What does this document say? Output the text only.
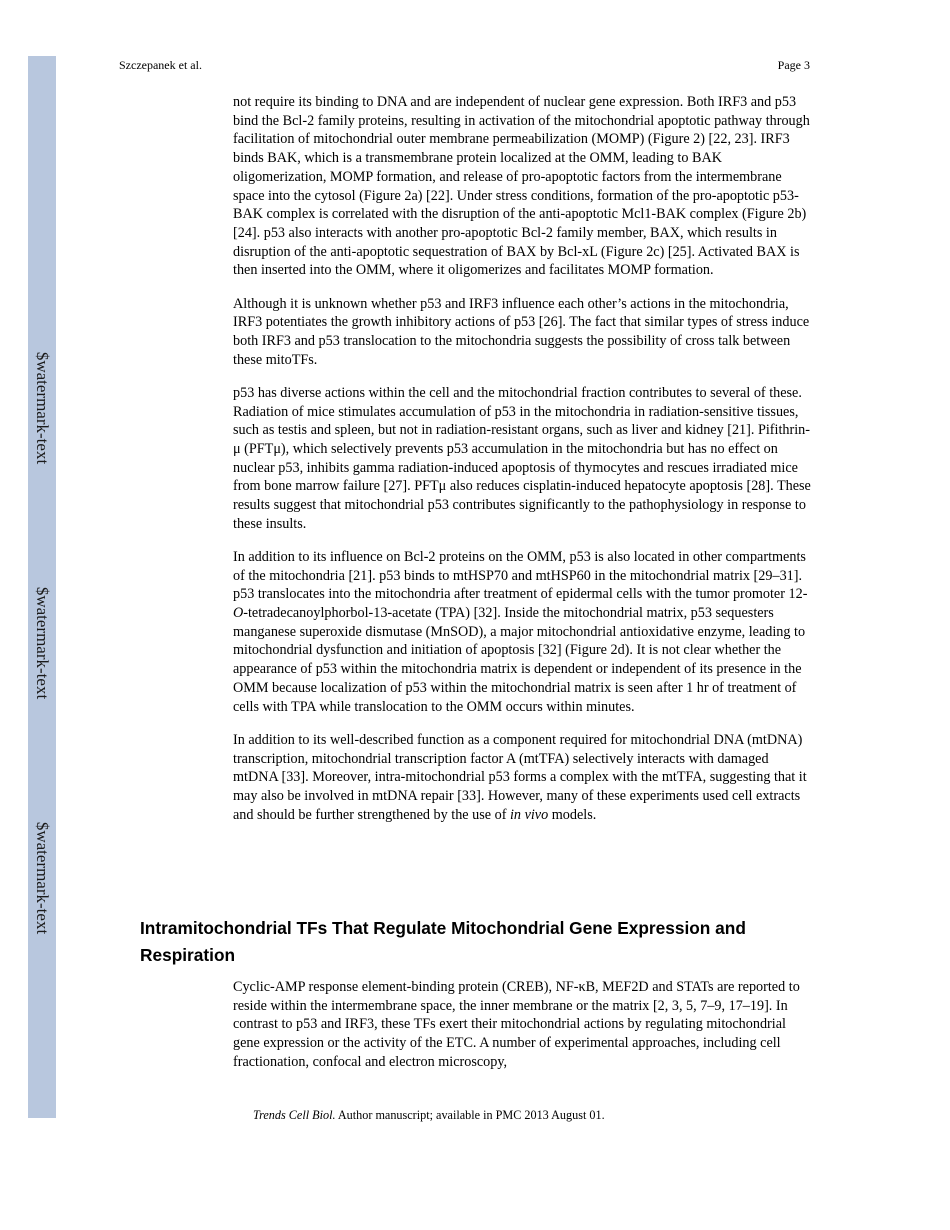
$watermark-text
$watermark-text
$watermark-text
Szczepanek et al.	Page 3

not require its binding to DNA and are independent of nuclear gene expression. Both IRF3 and p53 bind the Bcl-2 family proteins, resulting in activation of the mitochondrial apoptotic pathway through facilitation of mitochondrial outer membrane permeabilization (MOMP) (Figure 2) [22, 23]. IRF3 binds BAK, which is a transmembrane protein localized at the OMM, leading to BAK oligomerization, MOMP formation, and release of pro-apoptotic factors from the intermembrane space into the cytosol (Figure 2a) [22]. Under stress conditions, formation of the pro-apoptotic p53-BAK complex is correlated with the disruption of the anti-apoptotic Mcl1-BAK complex (Figure 2b) [24]. p53 also interacts with another pro-apoptotic Bcl-2 family member, BAX, which results in disruption of the anti-apoptotic sequestration of BAX by Bcl-xL (Figure 2c) [25]. Activated BAX is then inserted into the OMM, where it oligomerizes and facilitates MOMP formation.

Although it is unknown whether p53 and IRF3 influence each other’s actions in the mitochondria, IRF3 potentiates the growth inhibitory actions of p53 [26]. The fact that similar types of stress induce both IRF3 and p53 translocation to the mitochondria suggests the possibility of cross talk between these mitoTFs.

p53 has diverse actions within the cell and the mitochondrial fraction contributes to several of these. Radiation of mice stimulates accumulation of p53 in the mitochondria in radiation-sensitive tissues, such as testis and spleen, but not in radiation-resistant organs, such as liver and kidney [21]. Pifithrin-μ (PFTμ), which selectively prevents p53 accumulation in the mitochondria but has no effect on nuclear p53, inhibits gamma radiation-induced apoptosis of thymocytes and rescues irradiated mice from bone marrow failure [27]. PFTμ also reduces cisplatin-induced hepatocyte apoptosis [28]. These results suggest that mitochondrial p53 contributes significantly to the pathophysiology in response to these insults.

In addition to its influence on Bcl-2 proteins on the OMM, p53 is also located in other compartments of the mitochondria [21]. p53 binds to mtHSP70 and mtHSP60 in the mitochondrial matrix [29–31]. p53 translocates into the mitochondria after treatment of epidermal cells with the tumor promoter 12-O-tetradecanoylphorbol-13-acetate (TPA) [32]. Inside the mitochondrial matrix, p53 sequesters manganese superoxide dismutase (MnSOD), a major mitochondrial antioxidative enzyme, leading to mitochondrial dysfunction and initiation of apoptosis [32] (Figure 2d). It is not clear whether the appearance of p53 within the mitochondria matrix is dependent or independent of its presence in the OMM because localization of p53 within the mitochondrial matrix is seen after 1 hr of treatment of cells with TPA while translocation to the OMM occurs within minutes.

In addition to its well-described function as a component required for mitochondrial DNA (mtDNA) transcription, mitochondrial transcription factor A (mtTFA) selectively interacts with damaged mtDNA [33]. Moreover, intra-mitochondrial p53 forms a complex with the mtTFA, suggesting that it may also be involved in mtDNA repair [33]. However, many of these experiments used cell extracts and should be further strengthened by the use of in vivo models.

Intramitochondrial TFs That Regulate Mitochondrial Gene Expression and Respiration

Cyclic-AMP response element-binding protein (CREB), NF-κB, MEF2D and STATs are reported to reside within the intermembrane space, the inner membrane or the matrix [2, 3, 5, 7–9, 17–19]. In contrast to p53 and IRF3, these TFs exert their mitochondrial actions by regulating mitochondrial gene expression or the activity of the ETC. A number of experimental approaches, including cell fractionation, confocal and electron microscopy,

Trends Cell Biol. Author manuscript; available in PMC 2013 August 01.
